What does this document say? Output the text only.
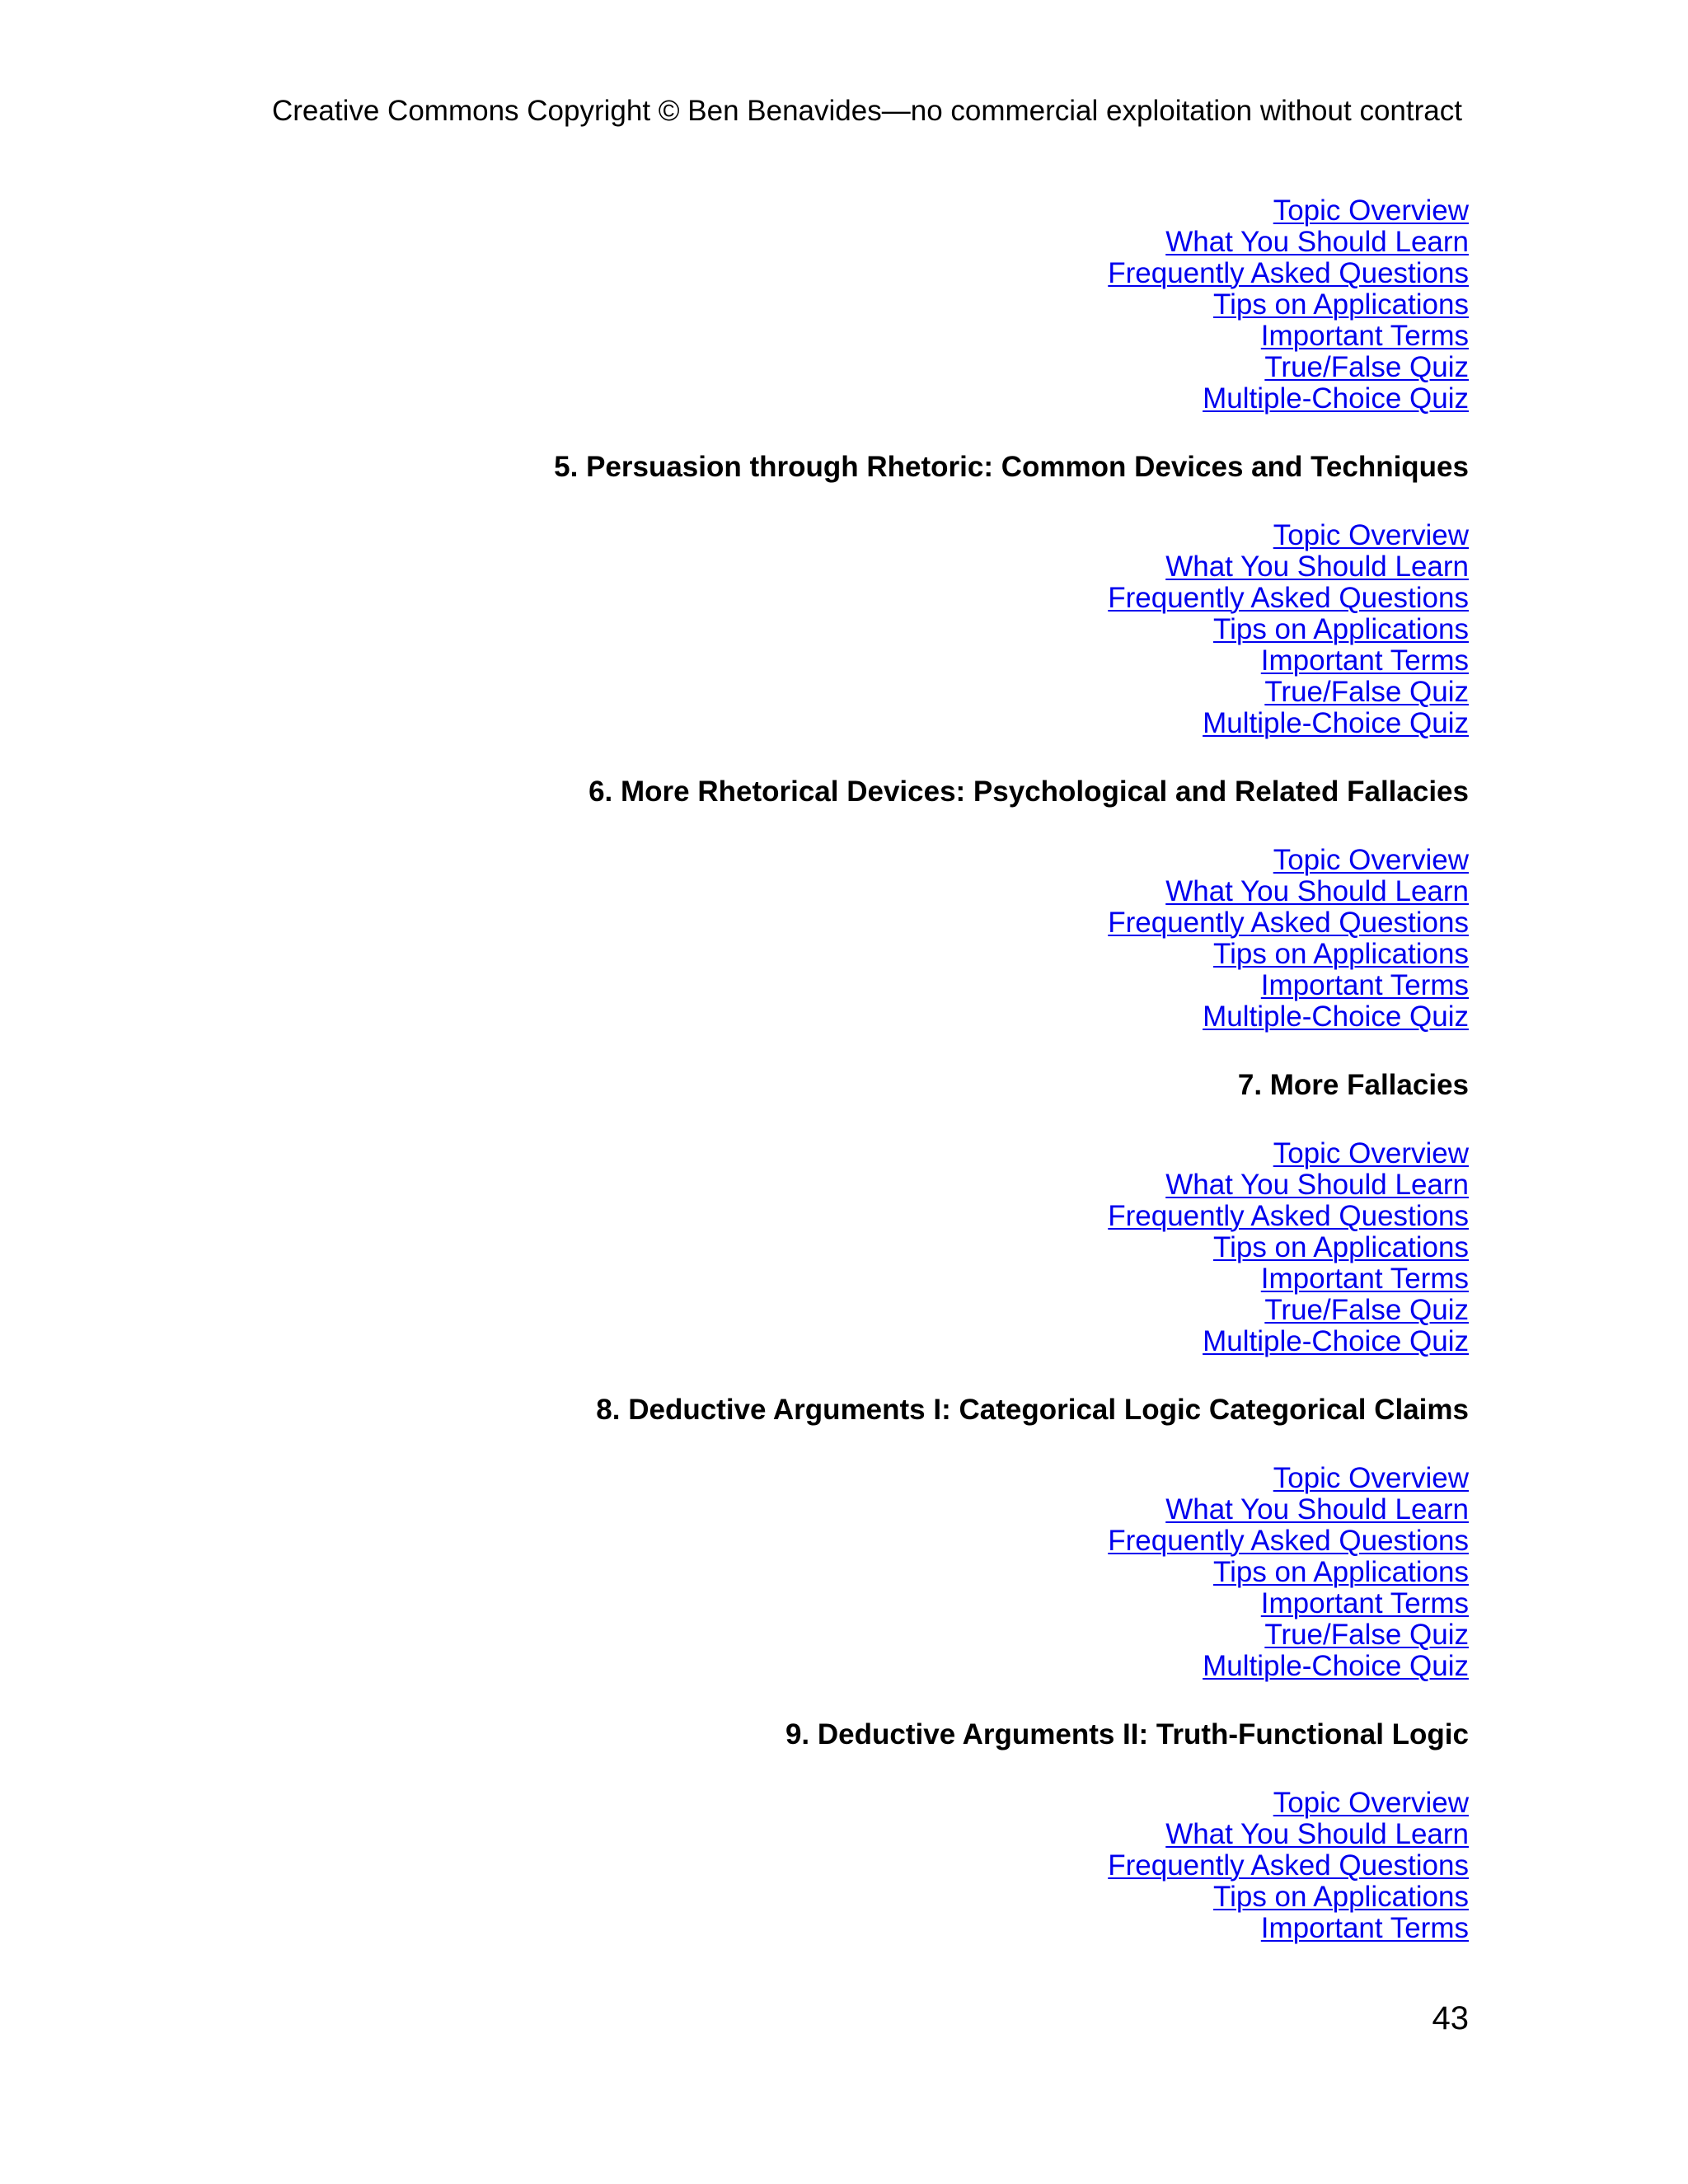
Creative Commons Copyright © Ben Benavides—no commercial exploitation without contract
Topic Overview
What You Should Learn
Frequently Asked Questions
Tips on Applications
Important Terms
True/False Quiz
Multiple-Choice Quiz
5. Persuasion through Rhetoric: Common Devices and Techniques
Topic Overview
What You Should Learn
Frequently Asked Questions
Tips on Applications
Important Terms
True/False Quiz
Multiple-Choice Quiz
6. More Rhetorical Devices: Psychological and Related Fallacies
Topic Overview
What You Should Learn
Frequently Asked Questions
Tips on Applications
Important Terms
Multiple-Choice Quiz
7. More Fallacies
Topic Overview
What You Should Learn
Frequently Asked Questions
Tips on Applications
Important Terms
True/False Quiz
Multiple-Choice Quiz
8. Deductive Arguments I: Categorical Logic Categorical Claims
Topic Overview
What You Should Learn
Frequently Asked Questions
Tips on Applications
Important Terms
True/False Quiz
Multiple-Choice Quiz
9. Deductive Arguments II: Truth-Functional Logic
Topic Overview
What You Should Learn
Frequently Asked Questions
Tips on Applications
Important Terms
43
